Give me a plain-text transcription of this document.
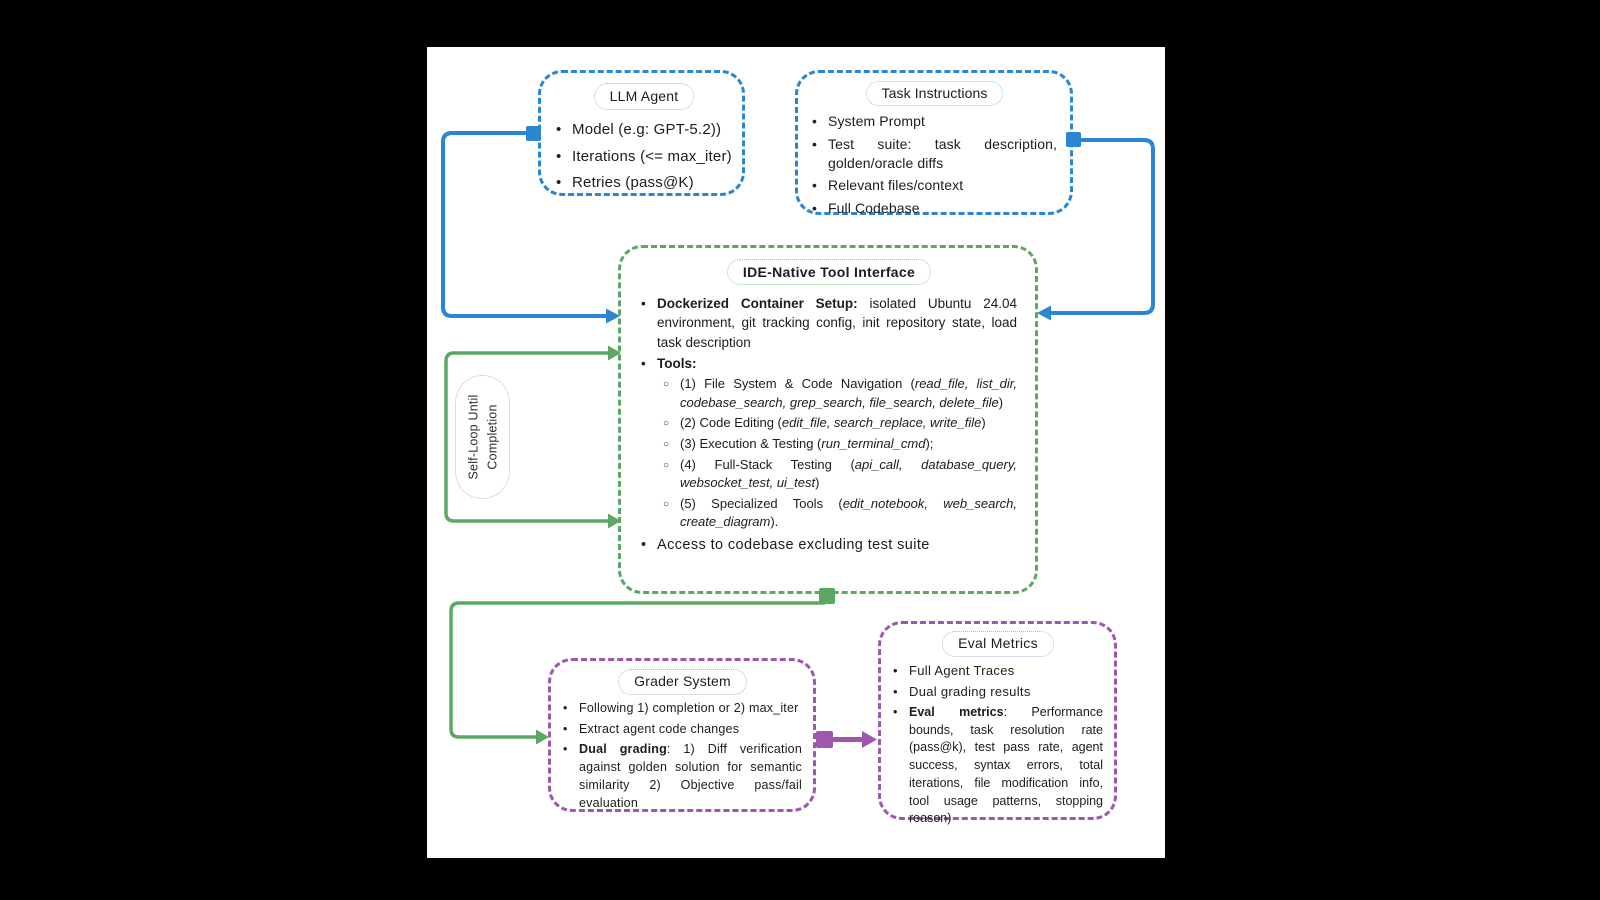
LLM Agent
• Model (e.g: GPT-5.2))
• Iterations (<= max_iter)
• Retries (pass@K)
Task Instructions
• System Prompt
• Test suite: task description, golden/oracle diffs
• Relevant files/context
• Full Codebase
IDE-Native Tool Interface
• Dockerized Container Setup: isolated Ubuntu 24.04 environment, git tracking config, init repository state, load task description
• Tools:
○ (1) File System & Code Navigation (read_file, list_dir, codebase_search, grep_search, file_search, delete_file)
○ (2) Code Editing (edit_file, search_replace, write_file)
○ (3) Execution & Testing (run_terminal_cmd);
○ (4) Full-Stack Testing (api_call, database_query, websocket_test, ui_test)
○ (5) Specialized Tools (edit_notebook, web_search, create_diagram).
• Access to codebase excluding test suite
Self-Loop Until Completion
Grader System
• Following 1) completion or 2) max_iter
• Extract agent code changes
• Dual grading: 1) Diff verification against golden solution for semantic similarity 2) Objective pass/fail evaluation
Eval Metrics
• Full Agent Traces
• Dual grading results
• Eval metrics: Performance bounds, task resolution rate (pass@k), test pass rate, agent success, syntax errors, total iterations, file modification info, tool usage patterns, stopping reason)
